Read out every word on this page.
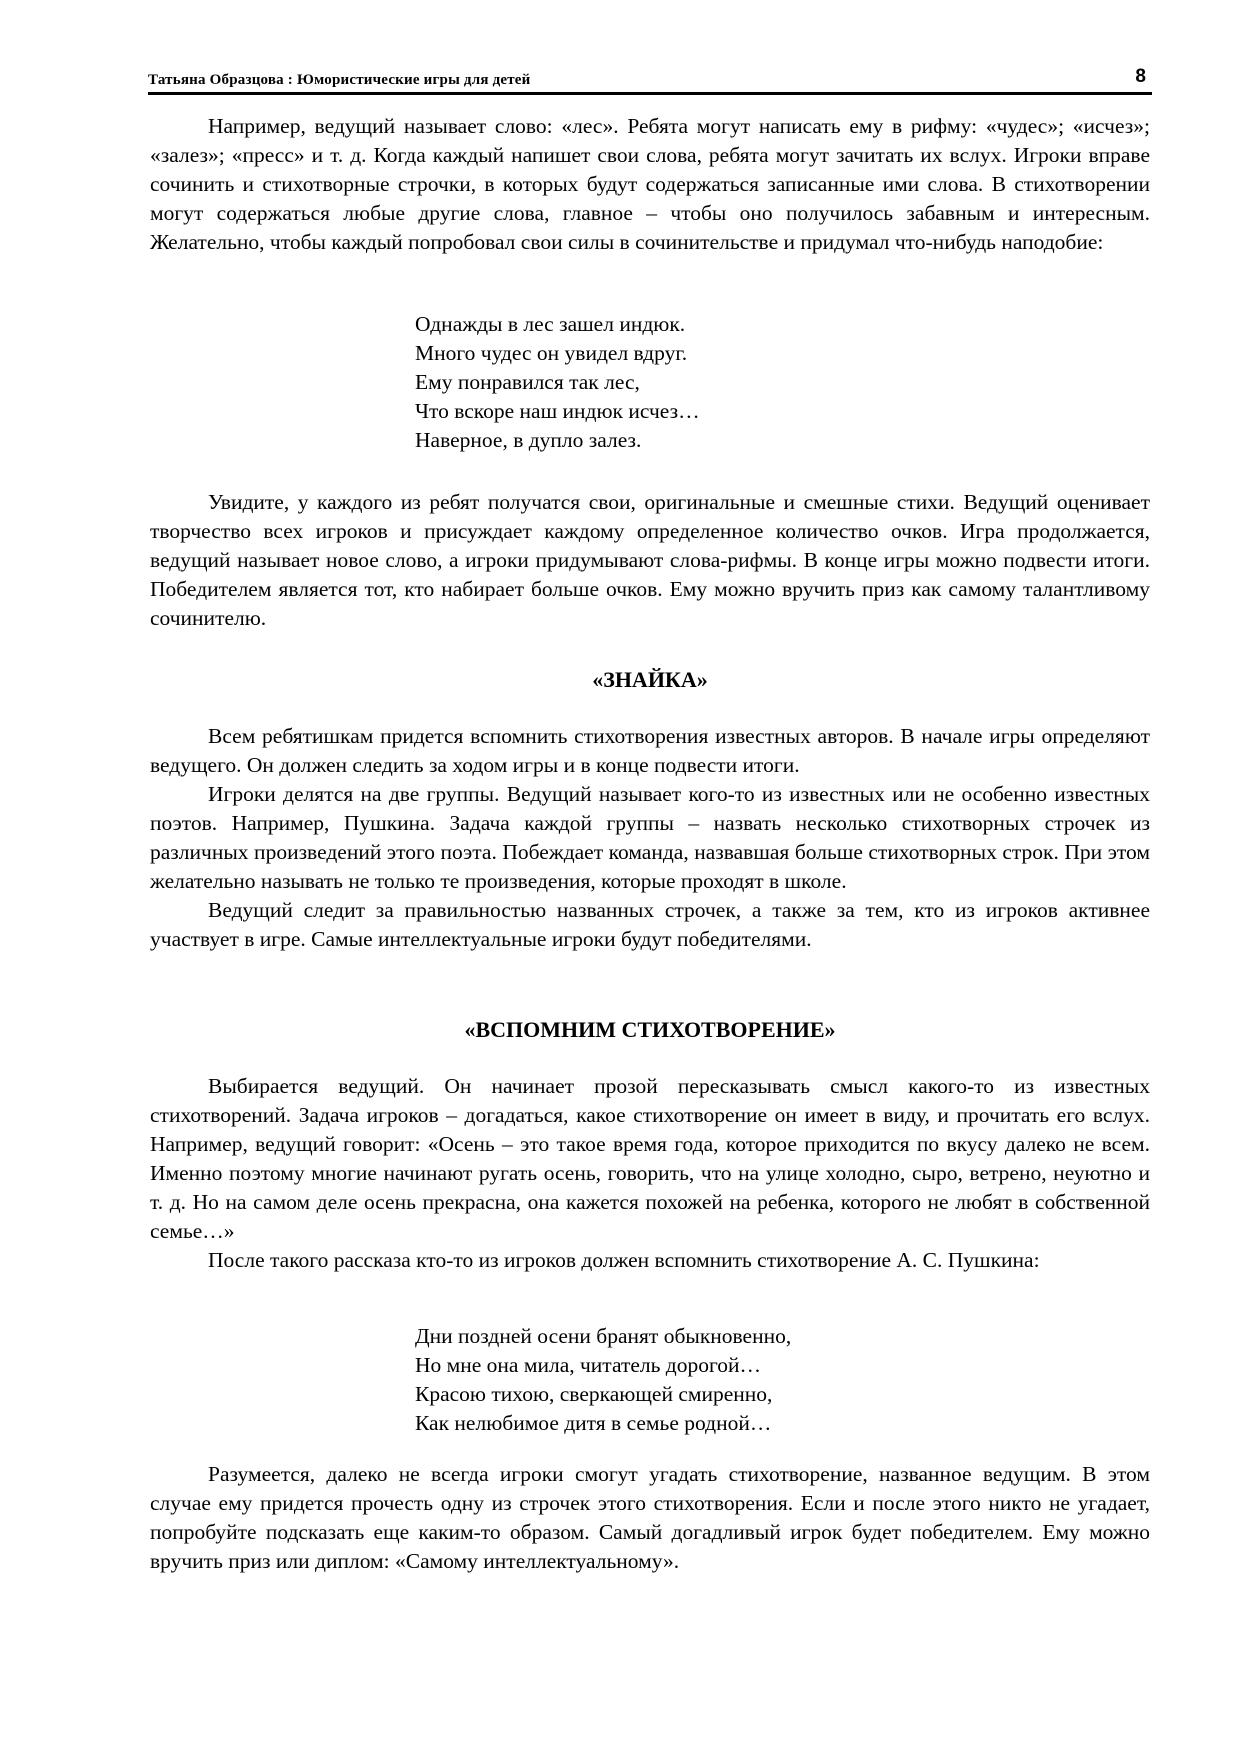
Татьяна Образцова : Юмористические игры для детей	8

Например, ведущий называет слово: «лес». Ребята могут написать ему в рифму: «чудес»; «исчез»; «залез»; «пресс» и т. д. Когда каждый напишет свои слова, ребята могут зачитать их вслух. Игроки вправе сочинить и стихотворные строчки, в которых будут содержаться записанные ими слова. В стихотворении могут содержаться любые другие слова, главное – чтобы оно получилось забавным и интересным. Желательно, чтобы каждый попробовал свои силы в сочинительстве и придумал что-нибудь наподобие:

Однажды в лес зашел индюк.
Много чудес он увидел вдруг.
Ему понравился так лес,
Что вскоре наш индюк исчез…
Наверное, в дупло залез.

Увидите, у каждого из ребят получатся свои, оригинальные и смешные стихи. Ведущий оценивает творчество всех игроков и присуждает каждому определенное количество очков. Игра продолжается, ведущий называет новое слово, а игроки придумывают слова-рифмы. В конце игры можно подвести итоги. Победителем является тот, кто набирает больше очков. Ему можно вручить приз как самому талантливому сочинителю.

«ЗНАЙКА»

Всем ребятишкам придется вспомнить стихотворения известных авторов. В начале игры определяют ведущего. Он должен следить за ходом игры и в конце подвести итоги.

Игроки делятся на две группы. Ведущий называет кого-то из известных или не особенно известных поэтов. Например, Пушкина. Задача каждой группы – назвать несколько стихотворных строчек из различных произведений этого поэта. Побеждает команда, назвавшая больше стихотворных строк. При этом желательно называть не только те произведения, которые проходят в школе.

Ведущий следит за правильностью названных строчек, а также за тем, кто из игроков активнее участвует в игре. Самые интеллектуальные игроки будут победителями.

«ВСПОМНИМ СТИХОТВОРЕНИЕ»

Выбирается ведущий. Он начинает прозой пересказывать смысл какого-то из известных стихотворений. Задача игроков – догадаться, какое стихотворение он имеет в виду, и прочитать его вслух. Например, ведущий говорит: «Осень – это такое время года, которое приходится по вкусу далеко не всем. Именно поэтому многие начинают ругать осень, говорить, что на улице холодно, сыро, ветрено, неуютно и т. д. Но на самом деле осень прекрасна, она кажется похожей на ребенка, которого не любят в собственной семье…»

После такого рассказа кто-то из игроков должен вспомнить стихотворение А. С. Пушкина:

Дни поздней осени бранят обыкновенно,
Но мне она мила, читатель дорогой…
Красою тихою, сверкающей смиренно,
Как нелюбимое дитя в семье родной…

Разумеется, далеко не всегда игроки смогут угадать стихотворение, названное ведущим. В этом случае ему придется прочесть одну из строчек этого стихотворения. Если и после этого никто не угадает, попробуйте подсказать еще каким-то образом. Самый догадливый игрок будет победителем. Ему можно вручить приз или диплом: «Самому интеллектуальному».
